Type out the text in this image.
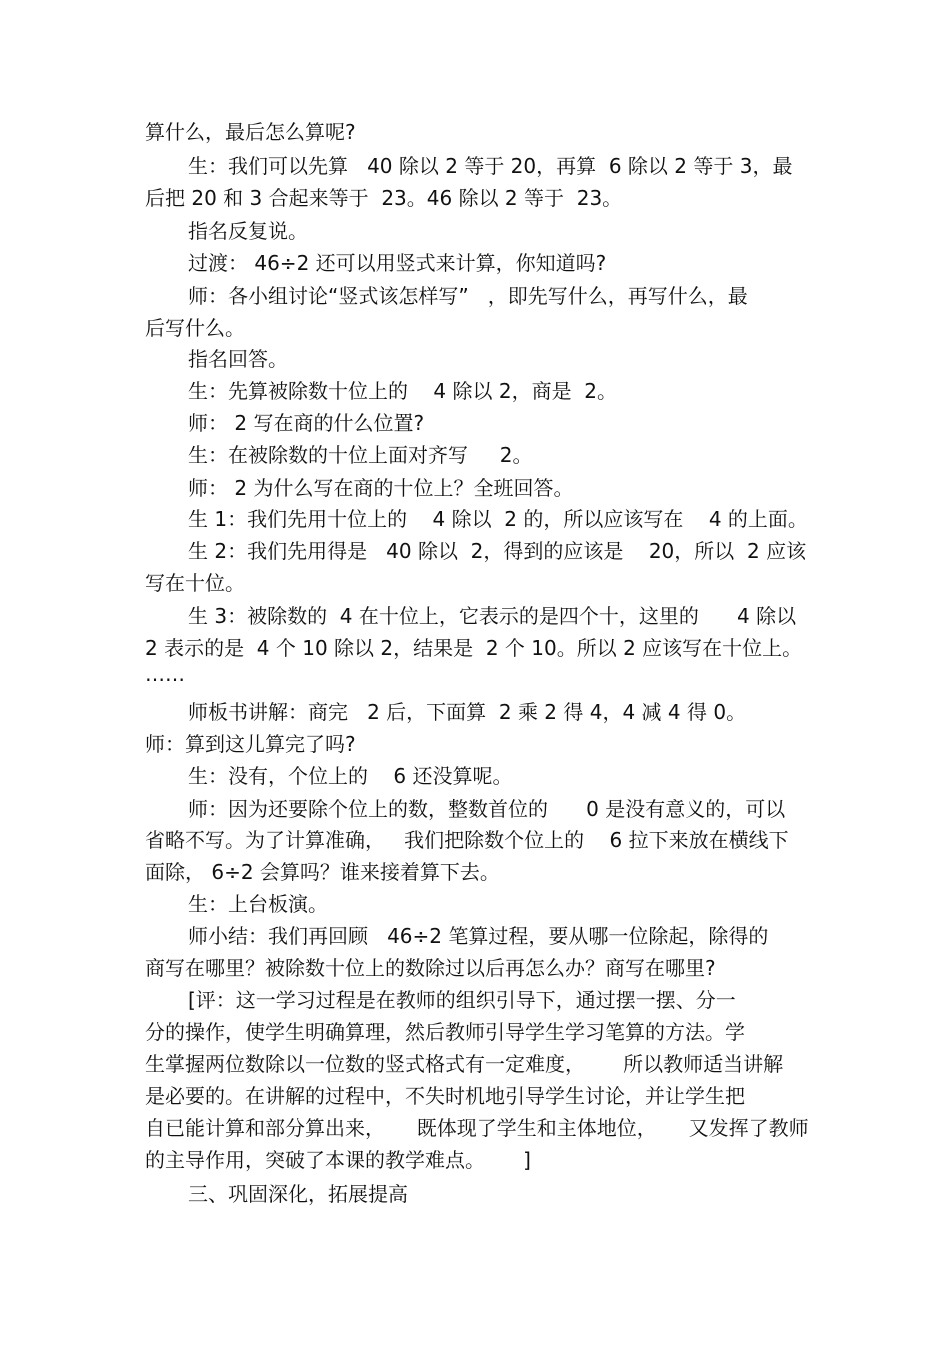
算什么，最后怎么算呢?
生：我们可以先算   40 除以 2 等于 20，再算  6 除以 2 等于 3，最
后把 20 和 3 合起来等于  23。46 除以 2 等于  23。
指名反复说。
过渡： 46÷2 还可以用竖式来计算，你知道吗?
师：各小组讨论“竖式该怎样写”   ，即先写什么，再写什么，最
后写什么。
指名回答。
生：先算被除数十位上的    4 除以 2，商是  2。
师： 2 写在商的什么位置?
生：在被除数的十位上面对齐写     2。
师： 2 为什么写在商的十位上？全班回答。
生 1：我们先用十位上的    4 除以  2 的，所以应该写在    4 的上面。
生 2：我们先用得是   40 除以  2，得到的应该是    20，所以  2 应该
写在十位。
生 3：被除数的  4 在十位上，它表示的是四个十，这里的      4 除以
2 表示的是  4 个 10 除以 2，结果是  2 个 10。所以 2 应该写在十位上。
……
师板书讲解：商完   2 后，下面算  2 乘 2 得 4，4 减 4 得 0。
师：算到这儿算完了吗?
生：没有，个位上的    6 还没算呢。
师：因为还要除个位上的数，整数首位的      0 是没有意义的，可以
省略不写。为了计算准确，   我们把除数个位上的    6 拉下来放在横线下
面除， 6÷2 会算吗？谁来接着算下去。
生：上台板演。
师小结：我们再回顾   46÷2 笔算过程，要从哪一位除起，除得的
商写在哪里？被除数十位上的数除过以后再怎么办？商写在哪里?
[评：这一学习过程是在教师的组织引导下，通过摆一摆、分一
分的操作，使学生明确算理，然后教师引导学生学习笔算的方法。学
生掌握两位数除以一位数的竖式格式有一定难度，      所以教师适当讲解
是必要的。在讲解的过程中，不失时机地引导学生讨论，并让学生把
自已能计算和部分算出来，     既体现了学生和主体地位，     又发挥了教师
的主导作用，突破了本课的教学难点。      ]
三、巩固深化，拓展提高
